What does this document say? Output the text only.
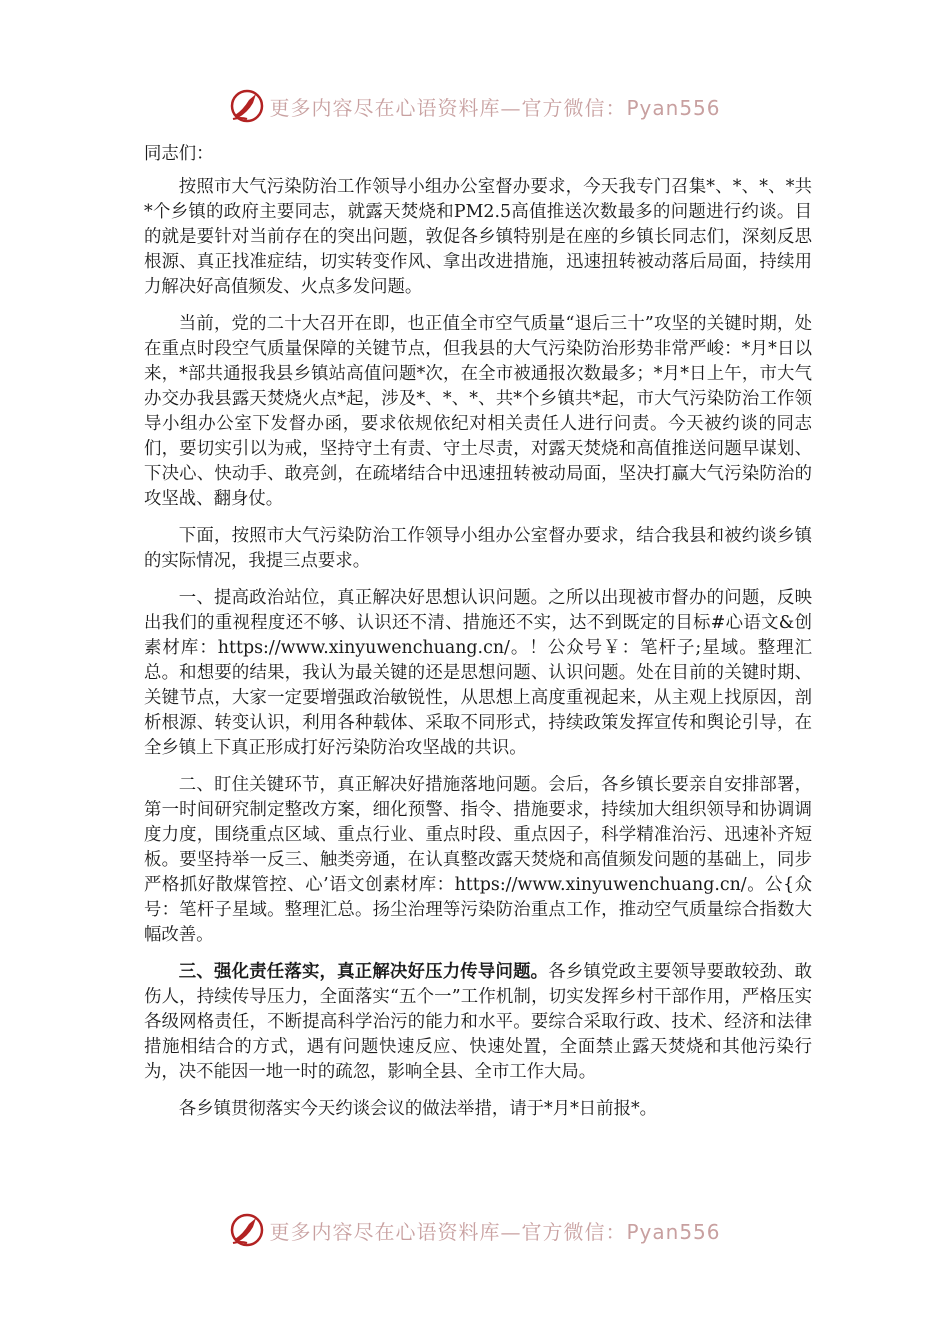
更多内容尽在心语资料库—官方微信：Pyan556

同志们：

按照市大气污染防治工作领导小组办公室督办要求，今天我专门召集*、*、*、*共*个乡镇的政府主要同志，就露天焚烧和PM2.5高值推送次数最多的问题进行约谈。目的就是要针对当前存在的突出问题，敦促各乡镇特别是在座的乡镇长同志们，深刻反思根源、真正找准症结，切实转变作风、拿出改进措施，迅速扭转被动落后局面，持续用力解决好高值频发、火点多发问题。

当前，党的二十大召开在即，也正值全市空气质量“退后三十”攻坚的关键时期，处在重点时段空气质量保障的关键节点，但我县的大气污染防治形势非常严峻：*月*日以来，*部共通报我县乡镇站高值问题*次，在全市被通报次数最多；*月*日上午，市大气办交办我县露天焚烧火点*起，涉及*、*、*、共*个乡镇共*起，市大气污染防治工作领导小组办公室下发督办函，要求依规依纪对相关责任人进行问责。今天被约谈的同志们，要切实引以为戒，坚持守土有责、守土尽责，对露天焚烧和高值推送问题早谋划、下决心、快动手、敢亮剑，在疏堵结合中迅速扭转被动局面，坚决打赢大气污染防治的攻坚战、翻身仗。

下面，按照市大气污染防治工作领导小组办公室督办要求，结合我县和被约谈乡镇的实际情况，我提三点要求。

一、提高政治站位，真正解决好思想认识问题。之所以出现被市督办的问题，反映出我们的重视程度还不够、认识还不清、措施还不实，达不到既定的目标#心语文&创素材库：https://www.xinyuwenchuang.cn/。！公众号￥：笔杆子;星域。整理汇总。和想要的结果，我认为最关键的还是思想问题、认识问题。处在目前的关键时期、关键节点，大家一定要增强政治敏锐性，从思想上高度重视起来，从主观上找原因，剖析根源、转变认识，利用各种载体、采取不同形式，持续政策发挥宣传和舆论引导，在全乡镇上下真正形成打好污染防治攻坚战的共识。

二、盯住关键环节，真正解决好措施落地问题。会后，各乡镇长要亲自安排部署，第一时间研究制定整改方案，细化预警、指令、措施要求，持续加大组织领导和协调调度力度，围绕重点区域、重点行业、重点时段、重点因子，科学精准治污、迅速补齐短板。要坚持举一反三、触类旁通，在认真整改露天焚烧和高值频发问题的基础上，同步严格抓好散煤管控、心’语文创素材库：https://www.xinyuwenchuang.cn/。公{众号：笔杆子星域。整理汇总。扬尘治理等污染防治重点工作，推动空气质量综合指数大幅改善。

三、强化责任落实，真正解决好压力传导问题。各乡镇党政主要领导要敢较劲、敢伤人，持续传导压力，全面落实“五个一”工作机制，切实发挥乡村干部作用，严格压实各级网格责任，不断提高科学治污的能力和水平。要综合采取行政、技术、经济和法律措施相结合的方式，遇有问题快速反应、快速处置，全面禁止露天焚烧和其他污染行为，决不能因一地一时的疏忽，影响全县、全市工作大局。

各乡镇贯彻落实今天约谈会议的做法举措，请于*月*日前报*。

更多内容尽在心语资料库—官方微信：Pyan556
